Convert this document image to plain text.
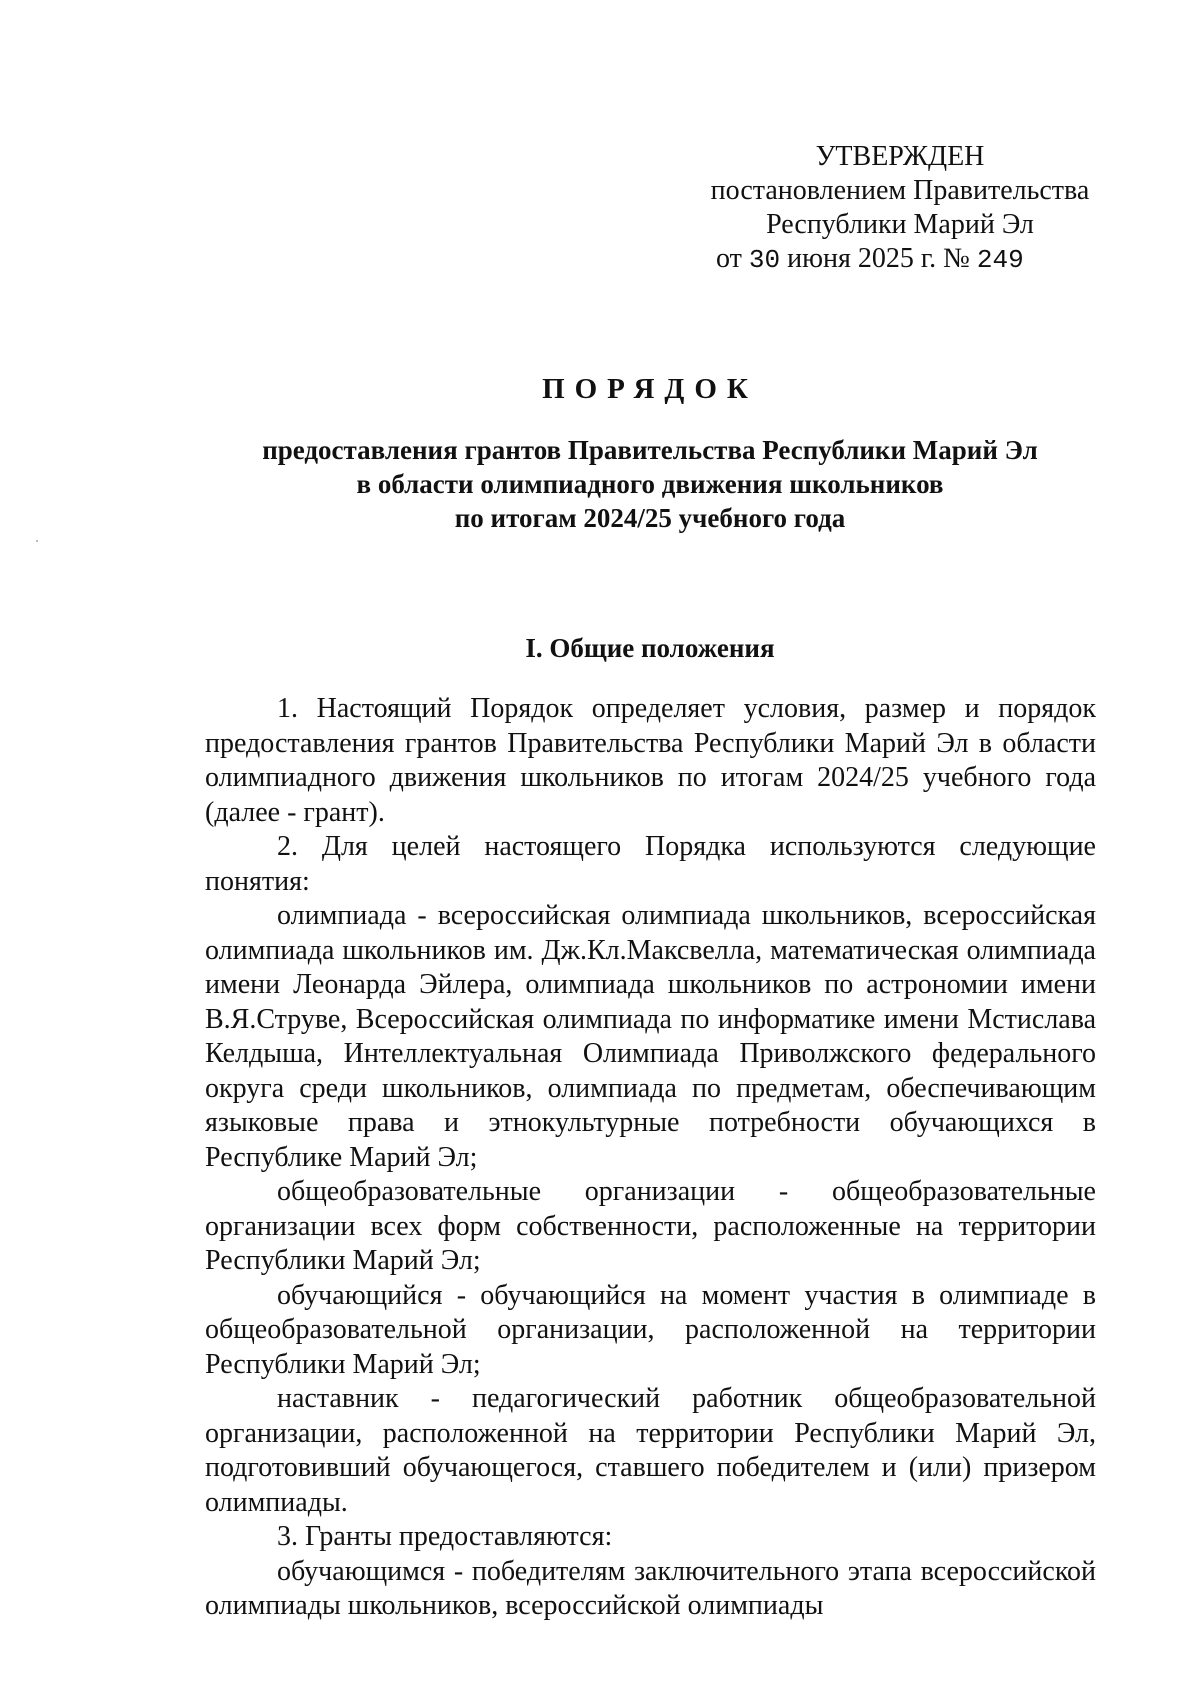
УТВЕРЖДЕН
постановлением Правительства
Республики Марий Эл
от 30 июня 2025 г. № 249
ПОРЯДОК
предоставления грантов Правительства Республики Марий Эл
в области олимпиадного движения школьников
по итогам 2024/25 учебного года
I. Общие положения

1. Настоящий Порядок определяет условия, размер и порядок предоставления грантов Правительства Республики Марий Эл в области олимпиадного движения школьников по итогам 2024/25 учебного года (далее - грант).

2. Для целей настоящего Порядка используются следующие понятия:

олимпиада - всероссийская олимпиада школьников, всероссийская олимпиада школьников им. Дж.Кл.Максвелла, математическая олимпиада имени Леонарда Эйлера, олимпиада школьников по астрономии имени В.Я.Струве, Всероссийская олимпиада по информатике имени Мстислава Келдыша, Интеллектуальная Олимпиада Приволжского федерального округа среди школьников, олимпиада по предметам, обеспечивающим языковые права и этнокультурные потребности обучающихся в Республике Марий Эл;

общеобразовательные организации - общеобразовательные организации всех форм собственности, расположенные на территории Республики Марий Эл;

обучающийся - обучающийся на момент участия в олимпиаде в общеобразовательной организации, расположенной на территории Республики Марий Эл;

наставник - педагогический работник общеобразовательной организации, расположенной на территории Республики Марий Эл, подготовивший обучающегося, ставшего победителем и (или) призером олимпиады.

3. Гранты предоставляются:

обучающимся - победителям заключительного этапа всероссийской олимпиады школьников, всероссийской олимпиады
